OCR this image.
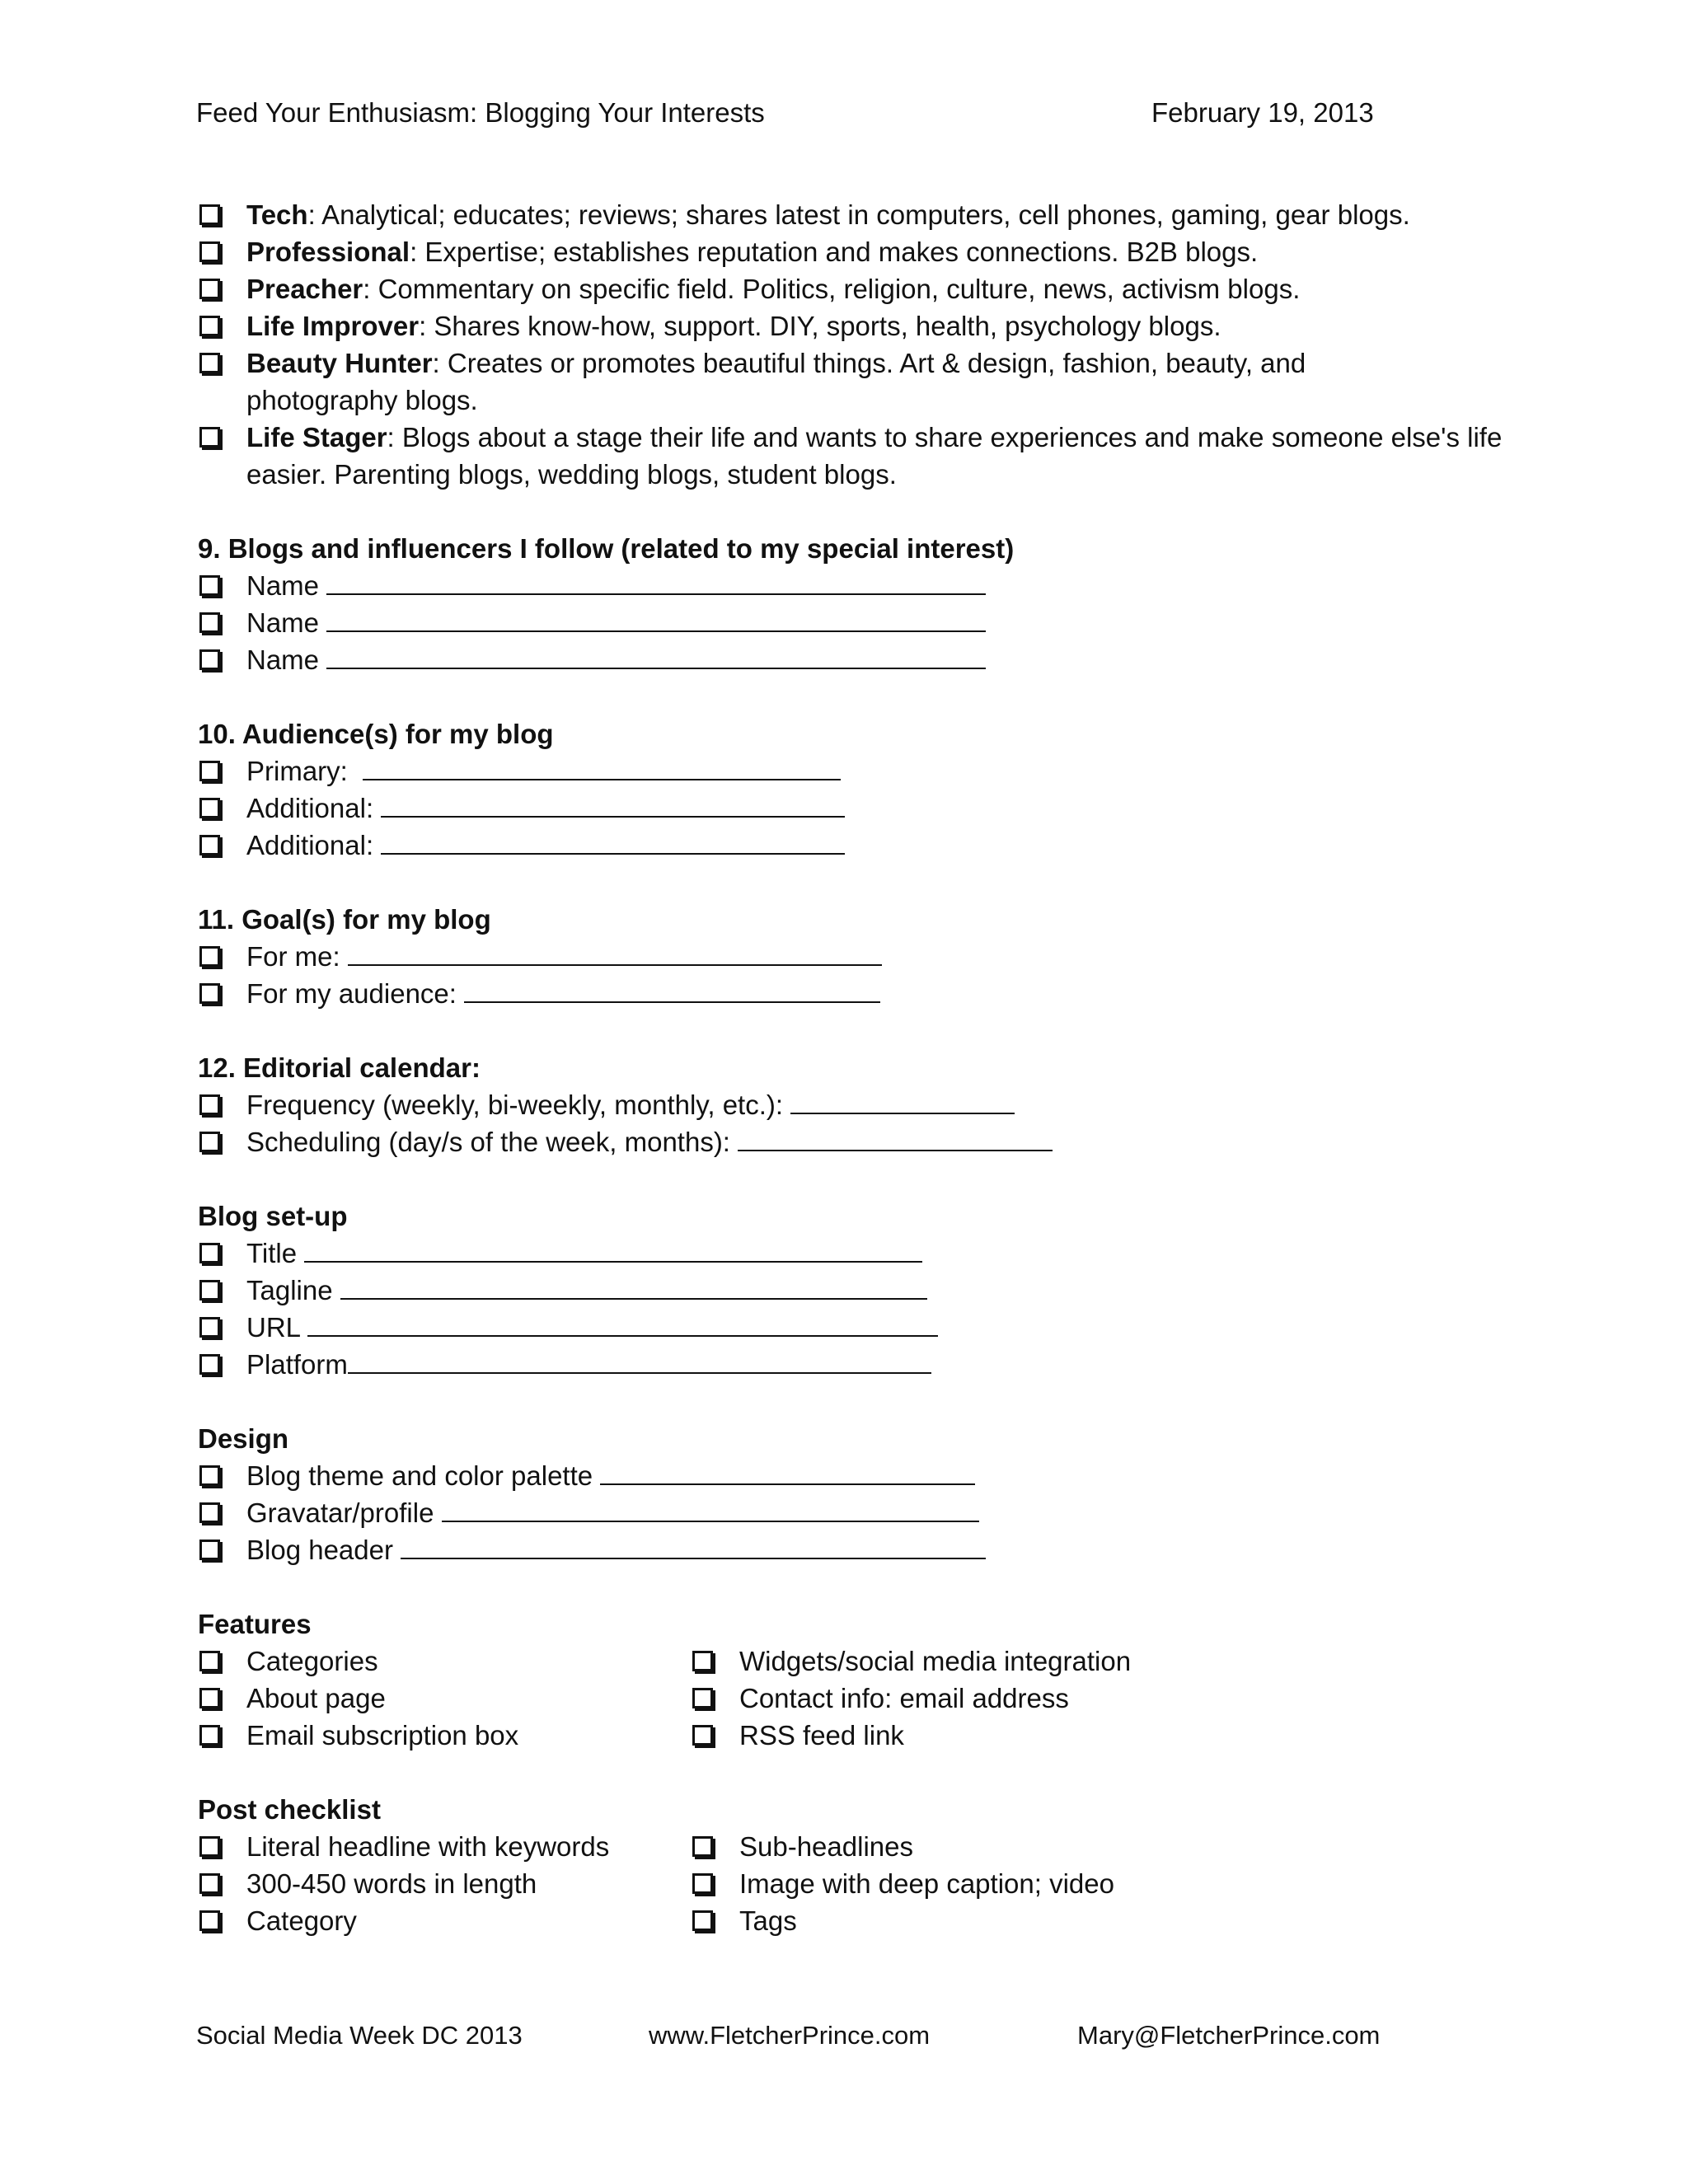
Feed Your Enthusiasm: Blogging Your Interests	February 19, 2013
Tech: Analytical; educates; reviews; shares latest in computers, cell phones, gaming, gear blogs.
Professional: Expertise; establishes reputation and makes connections. B2B blogs.
Preacher: Commentary on specific field. Politics, religion, culture, news, activism blogs.
Life Improver: Shares know-how, support. DIY, sports, health, psychology blogs.
Beauty Hunter: Creates or promotes beautiful things. Art & design, fashion, beauty, and photography blogs.
Life Stager: Blogs about a stage their life and wants to share experiences and make someone else's life easier. Parenting blogs, wedding blogs, student blogs.
9. Blogs and influencers I follow (related to my special interest)
Name
Name
Name
10. Audience(s) for my blog
Primary:
Additional:
Additional:
11. Goal(s) for my blog
For me:
For my audience:
12. Editorial calendar:
Frequency (weekly, bi-weekly, monthly, etc.):
Scheduling (day/s of the week, months):
Blog set-up
Title
Tagline
URL
Platform
Design
Blog theme and color palette
Gravatar/profile
Blog header
Features
Categories	Widgets/social media integration
About page	Contact info: email address
Email subscription box	RSS feed link
Post checklist
Literal headline with keywords	Sub-headlines
300-450 words in length	Image with deep caption; video
Category	Tags
Social Media Week DC 2013	www.FletcherPrince.com	Mary@FletcherPrince.com
